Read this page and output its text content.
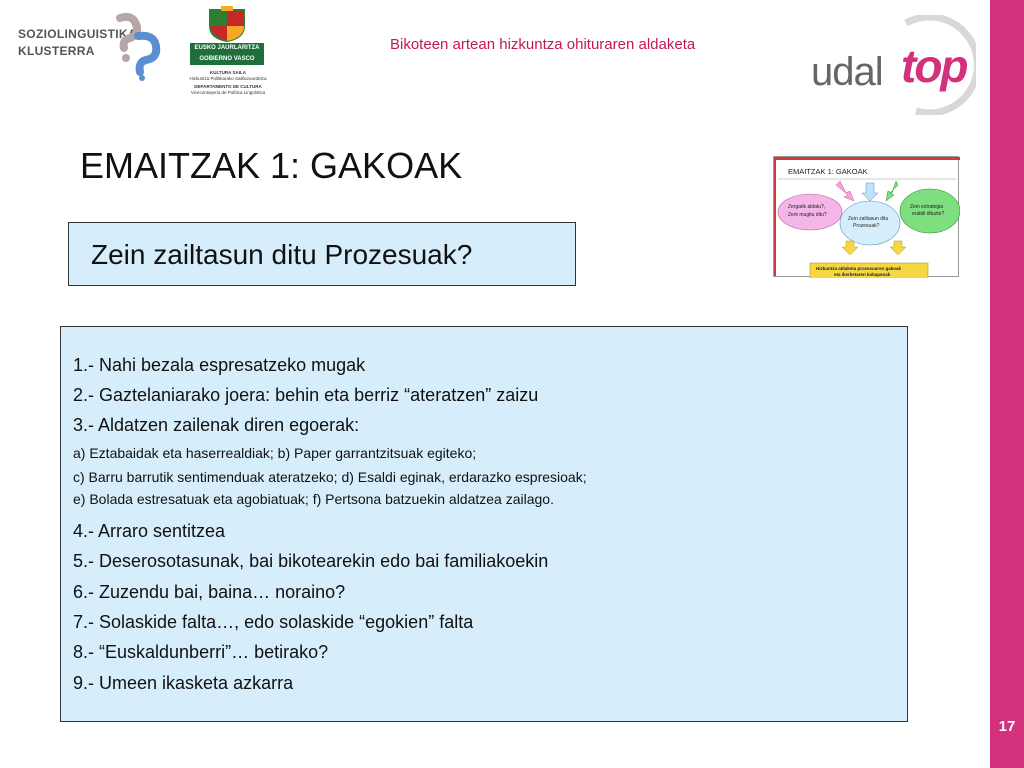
17
Bikoteen artean hizkuntza ohituraren aldaketa
SOZIOLINGUISTIKA
KLUSTERRA	EUSKO JAURLARITZA
GOBIERNO VASCO
KULTURA SAILA
Hizkuntza Politikarako Sailburuordetza
DEPARTAMENTO DE CULTURA
Viceconsejería de Política Lingüística	udal top
EMAITZAK 1: GAKOAK
Zein zailtasun ditu Prozesuak?
EMAITZAK 1: GAKOAK
Zergatik aldatu?,
Zerk mugitu ditu?
Zein zailtasun ditu
Prozesuak?
Zein estrategia
erabili dituzte?
Hizkuntza aldaketa prozesuaren gakoak
eta ikerketaren kokapenak
1.- Nahi bezala espresatzeko mugak
2.- Gaztelaniarako joera: behin eta berriz “ateratzen” zaizu
3.- Aldatzen zailenak diren egoerak:
a) Eztabaidak eta haserrealdiak; b) Paper garrantzitsuak egiteko;
c) Barru barrutik sentimenduak ateratzeko; d) Esaldi eginak, erdarazko espresioak;
e) Bolada estresatuak eta agobiatuak; f) Pertsona batzuekin aldatzea zailago.
4.- Arraro sentitzea
5.- Deserosotasunak, bai bikotearekin edo bai familiakoekin
6.- Zuzendu bai, baina… noraino?
7.- Solaskide falta…, edo solaskide “egokien” falta
8.- “Euskaldunberri”… betirako?
9.- Umeen ikasketa azkarra
